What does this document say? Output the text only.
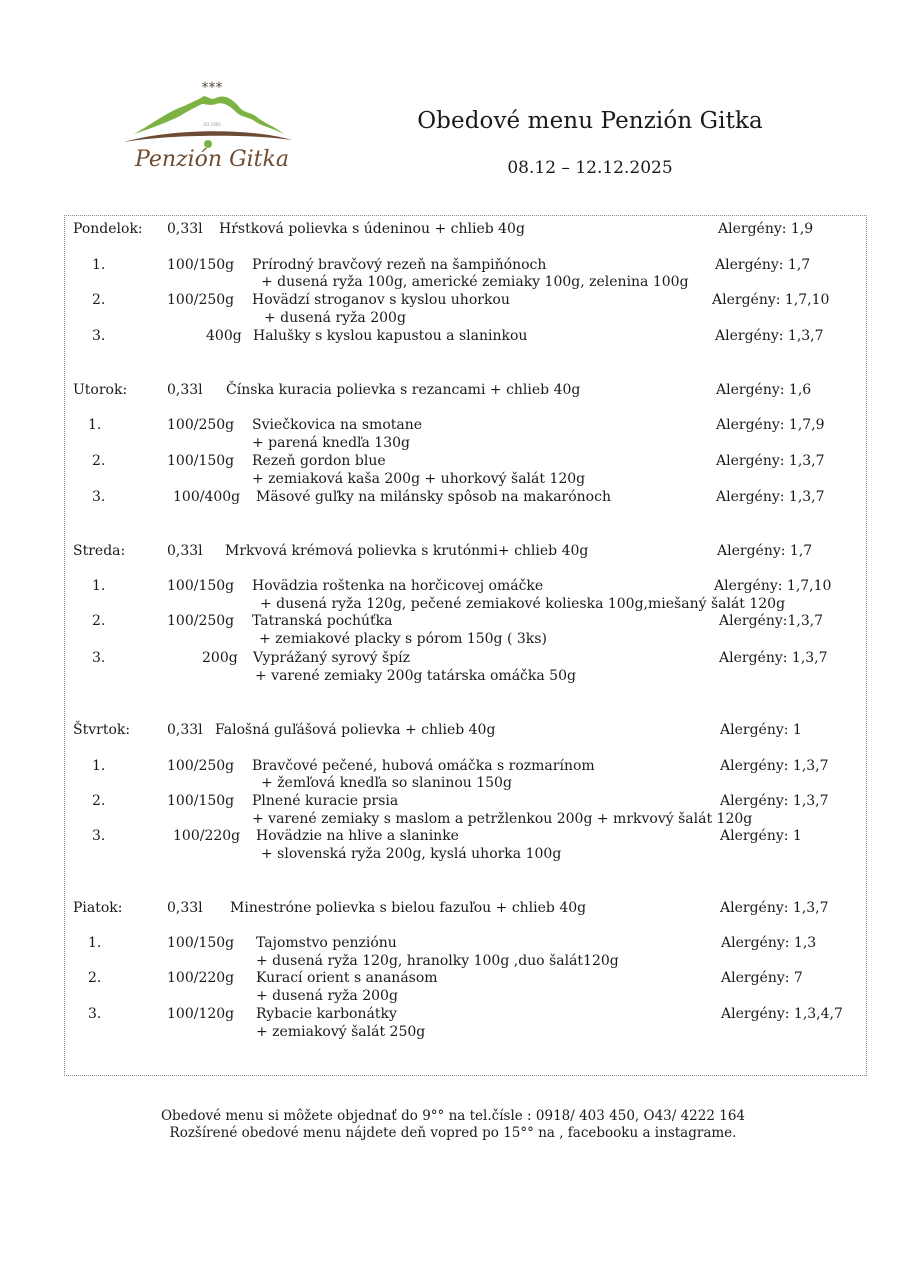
***
OD 1993
Penzión Gitka
Obedové menu Penzión Gitka
08.12 – 12.12.2025
Pondelok: 0,33l Hŕstková polievka s údeninou + chlieb 40g	Alergény: 1,9
1.	100/150g Prírodný bravčový rezeň na šampiňónoch	Alergény: 1,7
+ dusená ryža 100g, americké zemiaky 100g, zelenina 100g
2.	100/250g Hovädzí stroganov s kyslou uhorkou	Alergény: 1,7,10
+ dusená ryža 200g
3.	400g Halušky s kyslou kapustou a slaninkou	Alergény: 1,3,7
Utorok:	0,33l Čínska kuracia polievka s rezancami + chlieb 40g	Alergény: 1,6
1.	100/250g Sviečkovica na smotane	Alergény: 1,7,9
+ parená knedľa 130g
2.	100/150g Rezeň gordon blue	Alergény: 1,3,7
+ zemiaková kaša 200g + uhorkový šalát 120g
3.	100/400g Mäsové guľky na milánsky spôsob na makarónoch	Alergény: 1,3,7
Streda:	0,33l Mrkvová krémová polievka s krutónmi+ chlieb 40g	Alergény: 1,7
1.	100/150g Hovädzia roštenka na horčicovej omáčke	Alergény: 1,7,10
+ dusená ryža 120g, pečené zemiakové kolieska 100g,miešaný šalát 120g
2.	100/250g Tatranská pochúťka	Alergény:1,3,7
+ zemiakové placky s pórom 150g ( 3ks)
3.	200g Vyprážaný syrový špíz	Alergény: 1,3,7
+ varené zemiaky 200g tatárska omáčka 50g
Štvrtok:	0,33l Falošná guľášová polievka + chlieb 40g	Alergény: 1
1.	100/250g Bravčové pečené, hubová omáčka s rozmarínom	Alergény: 1,3,7
+ žemľová knedľa so slaninou 150g
2.	100/150g Plnené kuracie prsia	Alergény: 1,3,7
+ varené zemiaky s maslom a petržlenkou 200g + mrkvový šalát 120g
3.	100/220g Hovädzie na hlive a slaninke	Alergény: 1
+ slovenská ryža 200g, kyslá uhorka 100g
Piatok:	0,33l Minestróne polievka s bielou fazuľou + chlieb 40g	Alergény: 1,3,7
1.	100/150g Tajomstvo penziónu	Alergény: 1,3
+ dusená ryža 120g, hranolky 100g ,duo šalát120g
2.	100/220g Kurací orient s ananásom	Alergény: 7
+ dusená ryža 200g
3.	100/120g Rybacie karbonátky	Alergény: 1,3,4,7
+ zemiakový šalát 250g
Obedové menu si môžete objednať do 9°° na tel.čísle : 0918/ 403 450, O43/ 4222 164
Rozšírené obedové menu nájdete deň vopred po 15°° na , facebooku a instagrame.
